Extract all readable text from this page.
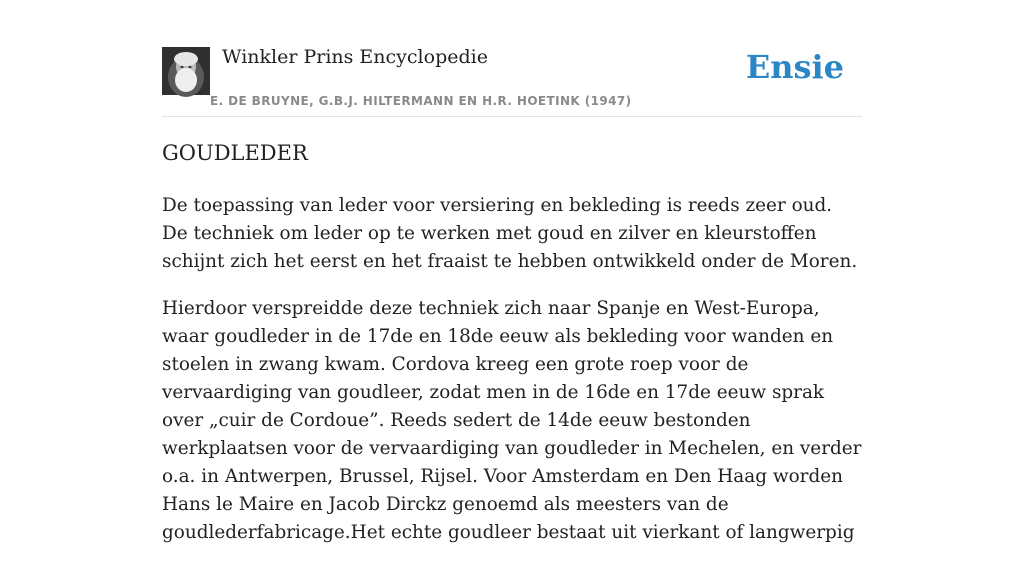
Winkler Prins Encyclopedie
E. DE BRUYNE, G.B.J. HILTERMANN EN H.R. HOETINK (1947)
Ensie
GOUDLEDER

De toepassing van leder voor versiering en bekleding is reeds zeer oud. De techniek om leder op te werken met goud en zilver en kleurstoffen schijnt zich het eerst en het fraaist te hebben ontwikkeld onder de Moren.

Hierdoor verspreidde deze techniek zich naar Spanje en West-Europa, waar goudleder in de 17de en 18de eeuw als bekleding voor wanden en stoelen in zwang kwam. Cordova kreeg een grote roep voor de vervaardiging van goudleer, zodat men in de 16de en 17de eeuw sprak over „cuir de Cordoue”. Reeds sedert de 14de eeuw bestonden werkplaatsen voor de vervaardiging van goudleder in Mechelen, en verder o.a. in Antwerpen, Brussel, Rijsel. Voor Amsterdam en Den Haag worden Hans le Maire en Jacob Dirckz genoemd als meesters van de goudlederfabricage.Het echte goudleer bestaat uit vierkant of langwerpig
